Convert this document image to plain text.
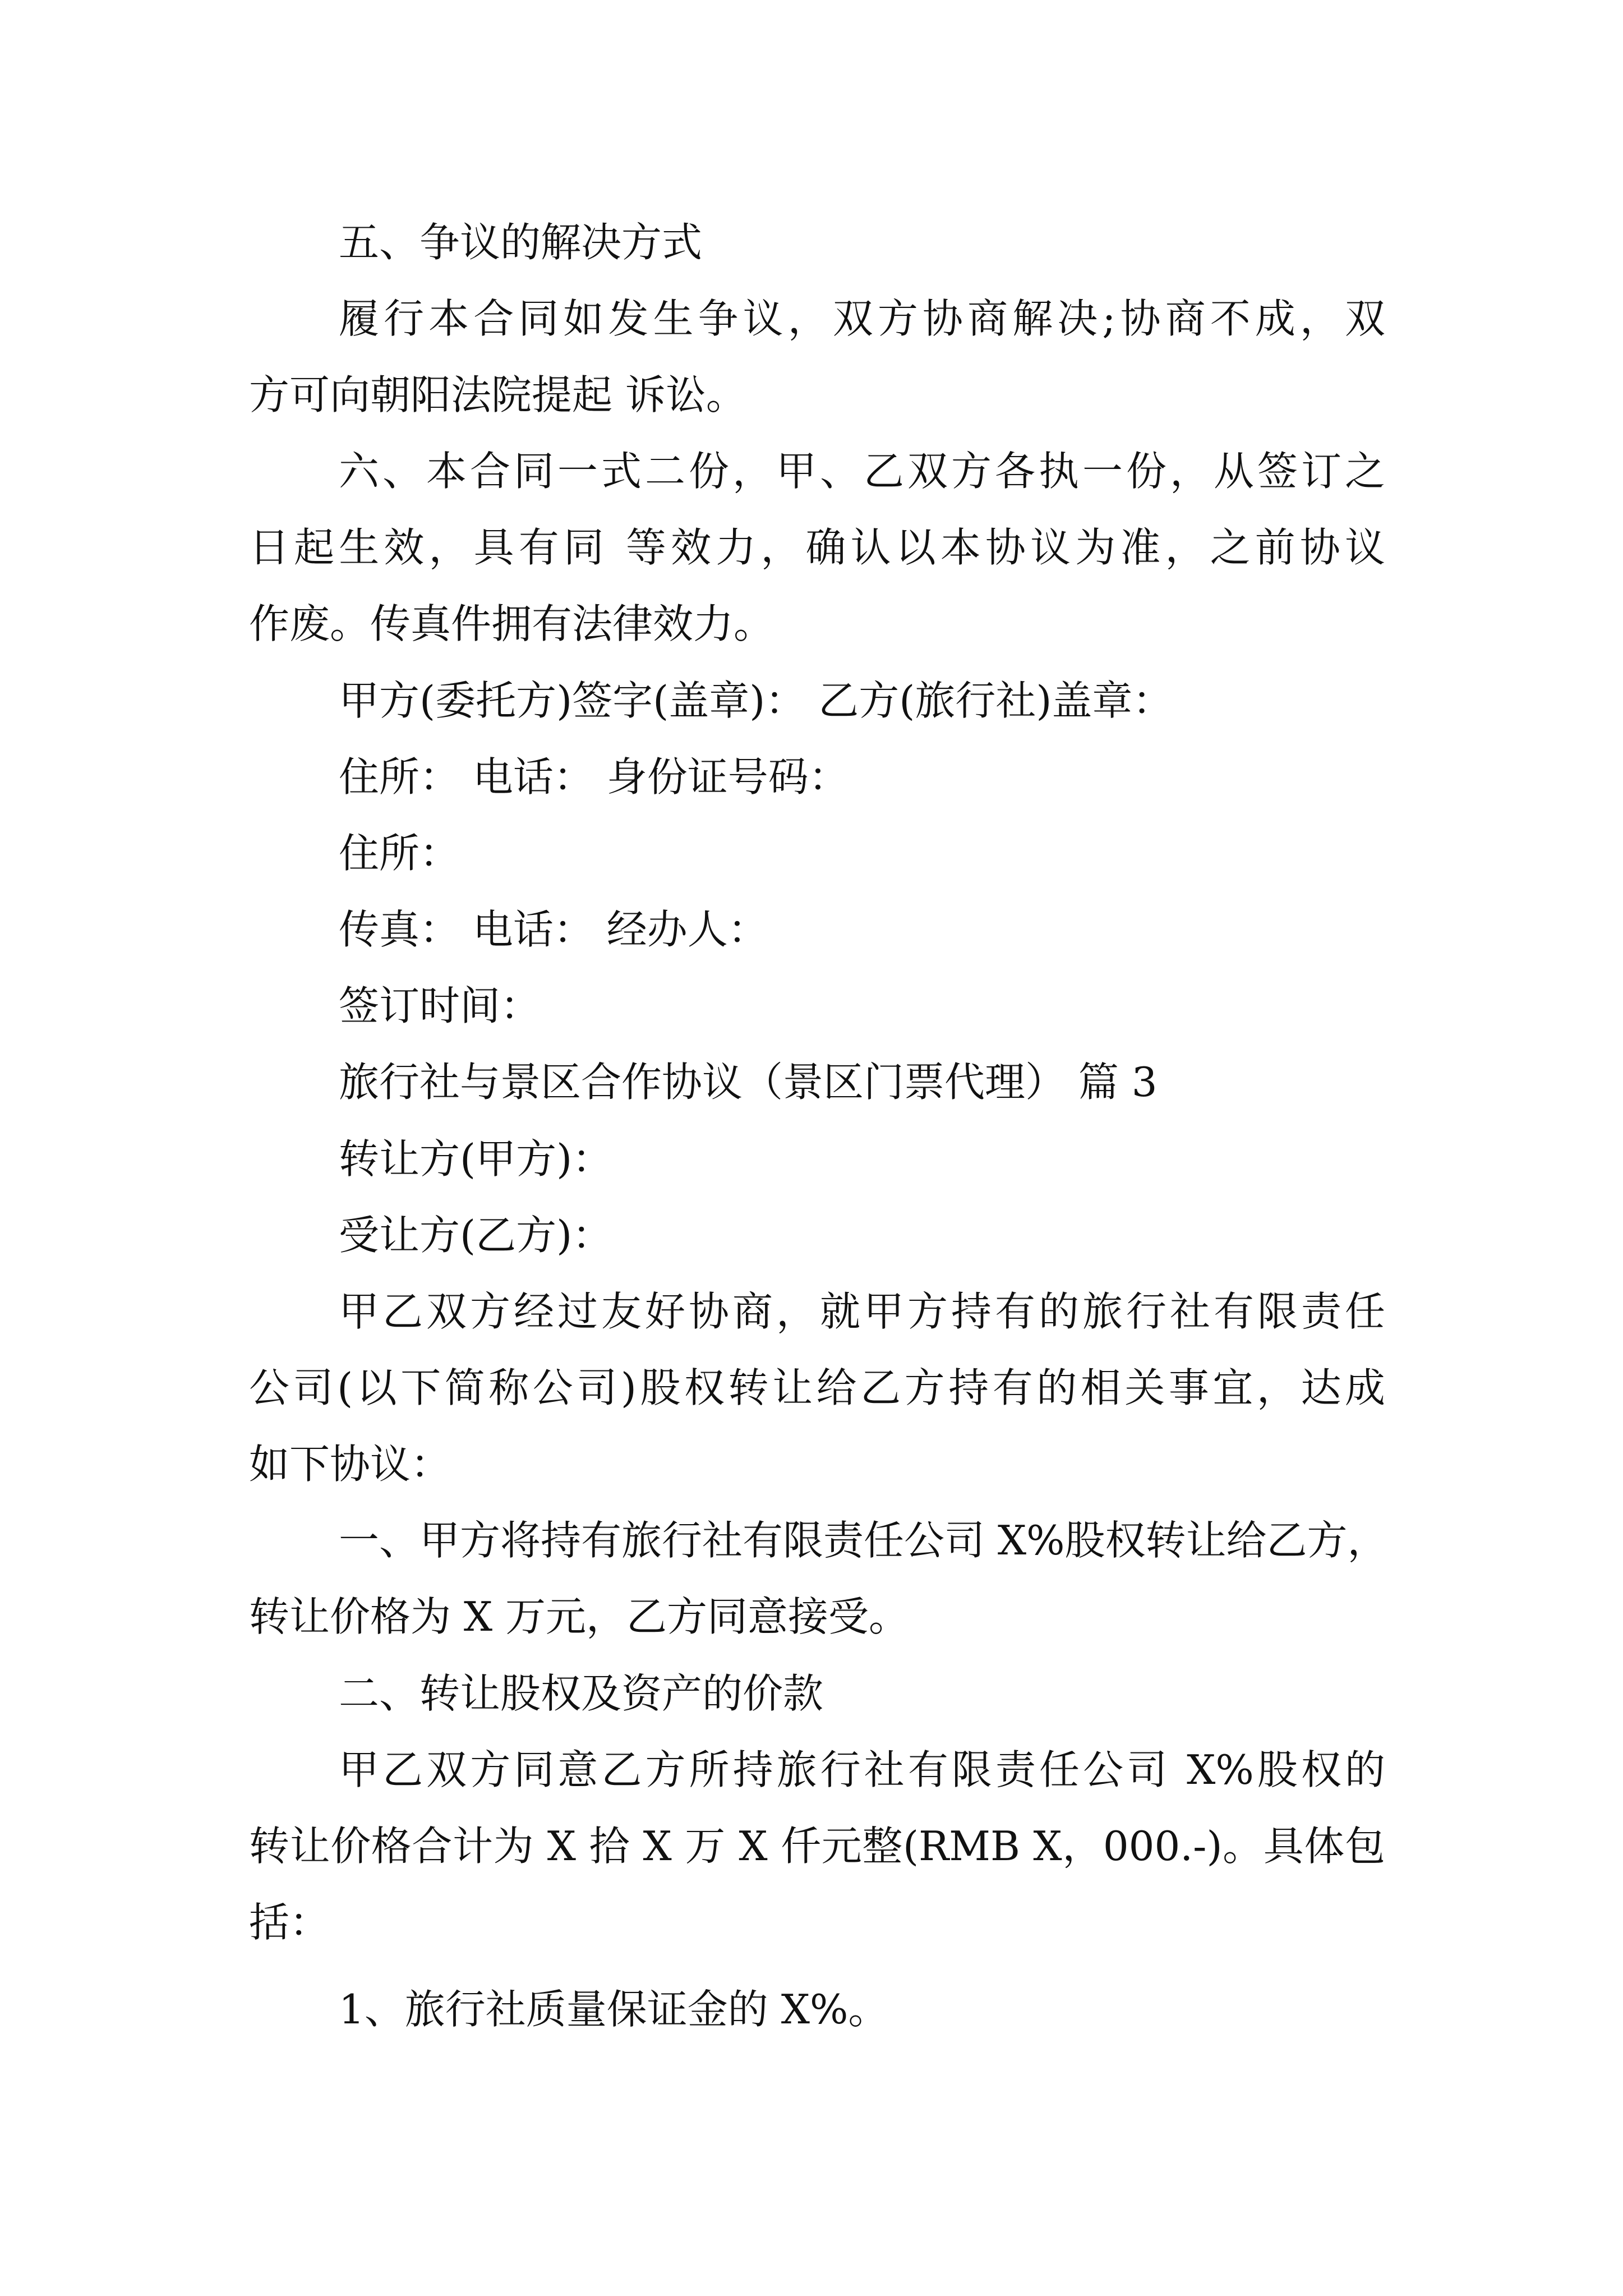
五、争议的解决方式

履行本合同如发生争议，双方协商解决;协商不成，双

方可向朝阳法院提起 诉讼。

六、本合同一式二份，甲、乙双方各执一份，从签订之

日起生效，具有同 等效力，确认以本协议为准，之前协议

作废。传真件拥有法律效力。

甲方(委托方)签字(盖章)： 乙方(旅行社)盖章：

住所： 电话： 身份证号码：

住所：

传真： 电话： 经办人：

签订时间：

旅行社与景区合作协议（景区门票代理） 篇 3

转让方(甲方)：

受让方(乙方)：

甲乙双方经过友好协商，就甲方持有的旅行社有限责任

公司(以下简称公司)股权转让给乙方持有的相关事宜，达成

如下协议：

一、甲方将持有旅行社有限责任公司 X%股权转让给乙方，

转让价格为 X 万元，乙方同意接受。

二、转让股权及资产的价款

甲乙双方同意乙方所持旅行社有限责任公司 X%股权的

转让价格合计为 X 拾 X 万 X 仟元整(RMB X，000.-)。具体包

括：

1、旅行社质量保证金的 X%。
